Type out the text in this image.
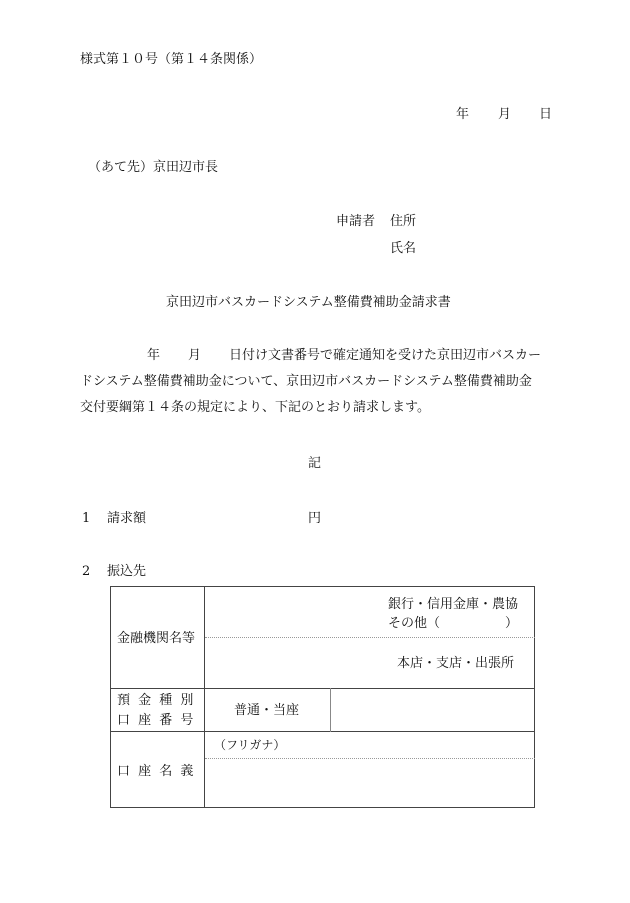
様式第１０号（第１４条関係）
年 月 日
（あて先）京田辺市長
申請者 住所
氏名
京田辺市バスカードシステム整備費補助金請求書
年 月 日付け文書番号で確定通知を受けた京田辺市バスカー
ドシステム整備費補助金について、京田辺市バスカードシステム整備費補助金
交付要綱第１４条の規定により、下記のとおり請求します。
記
1 請求額	円
2 振込先
金融機関名等
銀行・信用金庫・農協
その他（　　　　　）
本店・支店・出張所
預 金 種 別
口 座 番 号
普通・当座
口 座 名 義
（フリガナ）
